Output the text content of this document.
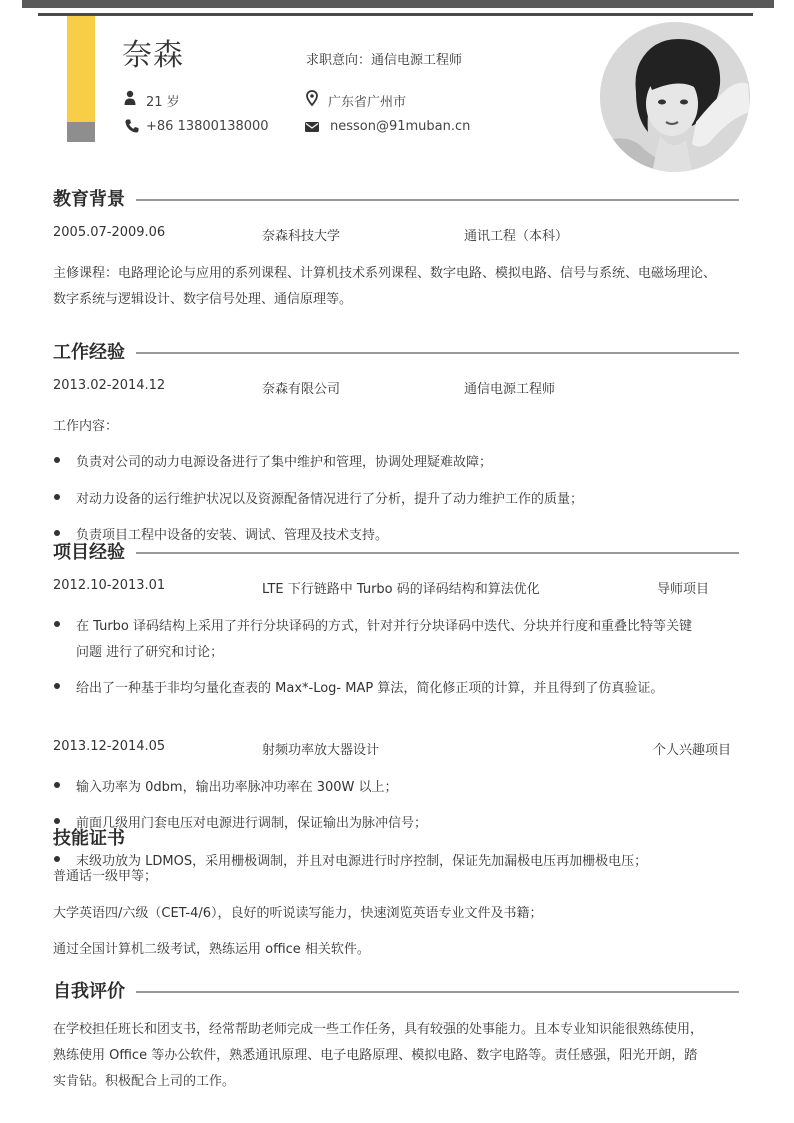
奈森	求职意向：通信电源工程师
21 岁	广东省广州市
+86 13800138000	nesson@91muban.cn
教育背景
2005.07-2009.06	奈森科技大学	通讯工程（本科）
主修课程：电路理论论与应用的系列课程、计算机技术系列课程、数字电路、模拟电路、信号与系统、电磁场理论、
数字系统与逻辑设计、数字信号处理、通信原理等。
工作经验
2013.02-2014.12	奈森有限公司	通信电源工程师
工作内容：
负责对公司的动力电源设备进行了集中维护和管理，协调处理疑难故障；
对动力设备的运行维护状况以及资源配备情况进行了分析，提升了动力维护工作的质量；
负责项目工程中设备的安装、调试、管理及技术支持。
项目经验
2012.10-2013.01	LTE 下行链路中 Turbo 码的译码结构和算法优化	导师项目
在 Turbo 译码结构上采用了并行分块译码的方式，针对并行分块译码中迭代、分块并行度和重叠比特等关键
问题 进行了研究和讨论；
给出了一种基于非均匀量化查表的 Max*-Log- MAP 算法，简化修正项的计算，并且得到了仿真验证。
2013.12-2014.05	射频功率放大器设计	个人兴趣项目
输入功率为 0dbm，输出功率脉冲功率在 300W 以上；
前面几级用门套电压对电源进行调制，保证输出为脉冲信号；
末级功放为 LDMOS，采用栅极调制，并且对电源进行时序控制，保证先加漏极电压再加栅极电压；
技能证书
普通话一级甲等；
大学英语四/六级（CET-4/6），良好的听说读写能力，快速浏览英语专业文件及书籍；
通过全国计算机二级考试，熟练运用 office 相关软件。
自我评价
在学校担任班长和团支书，经常帮助老师完成一些工作任务，具有较强的处事能力。且本专业知识能很熟练使用，
熟练使用 Office 等办公软件，熟悉通讯原理、电子电路原理、模拟电路、数字电路等。责任感强，阳光开朗，踏
实肯钻。积极配合上司的工作。
